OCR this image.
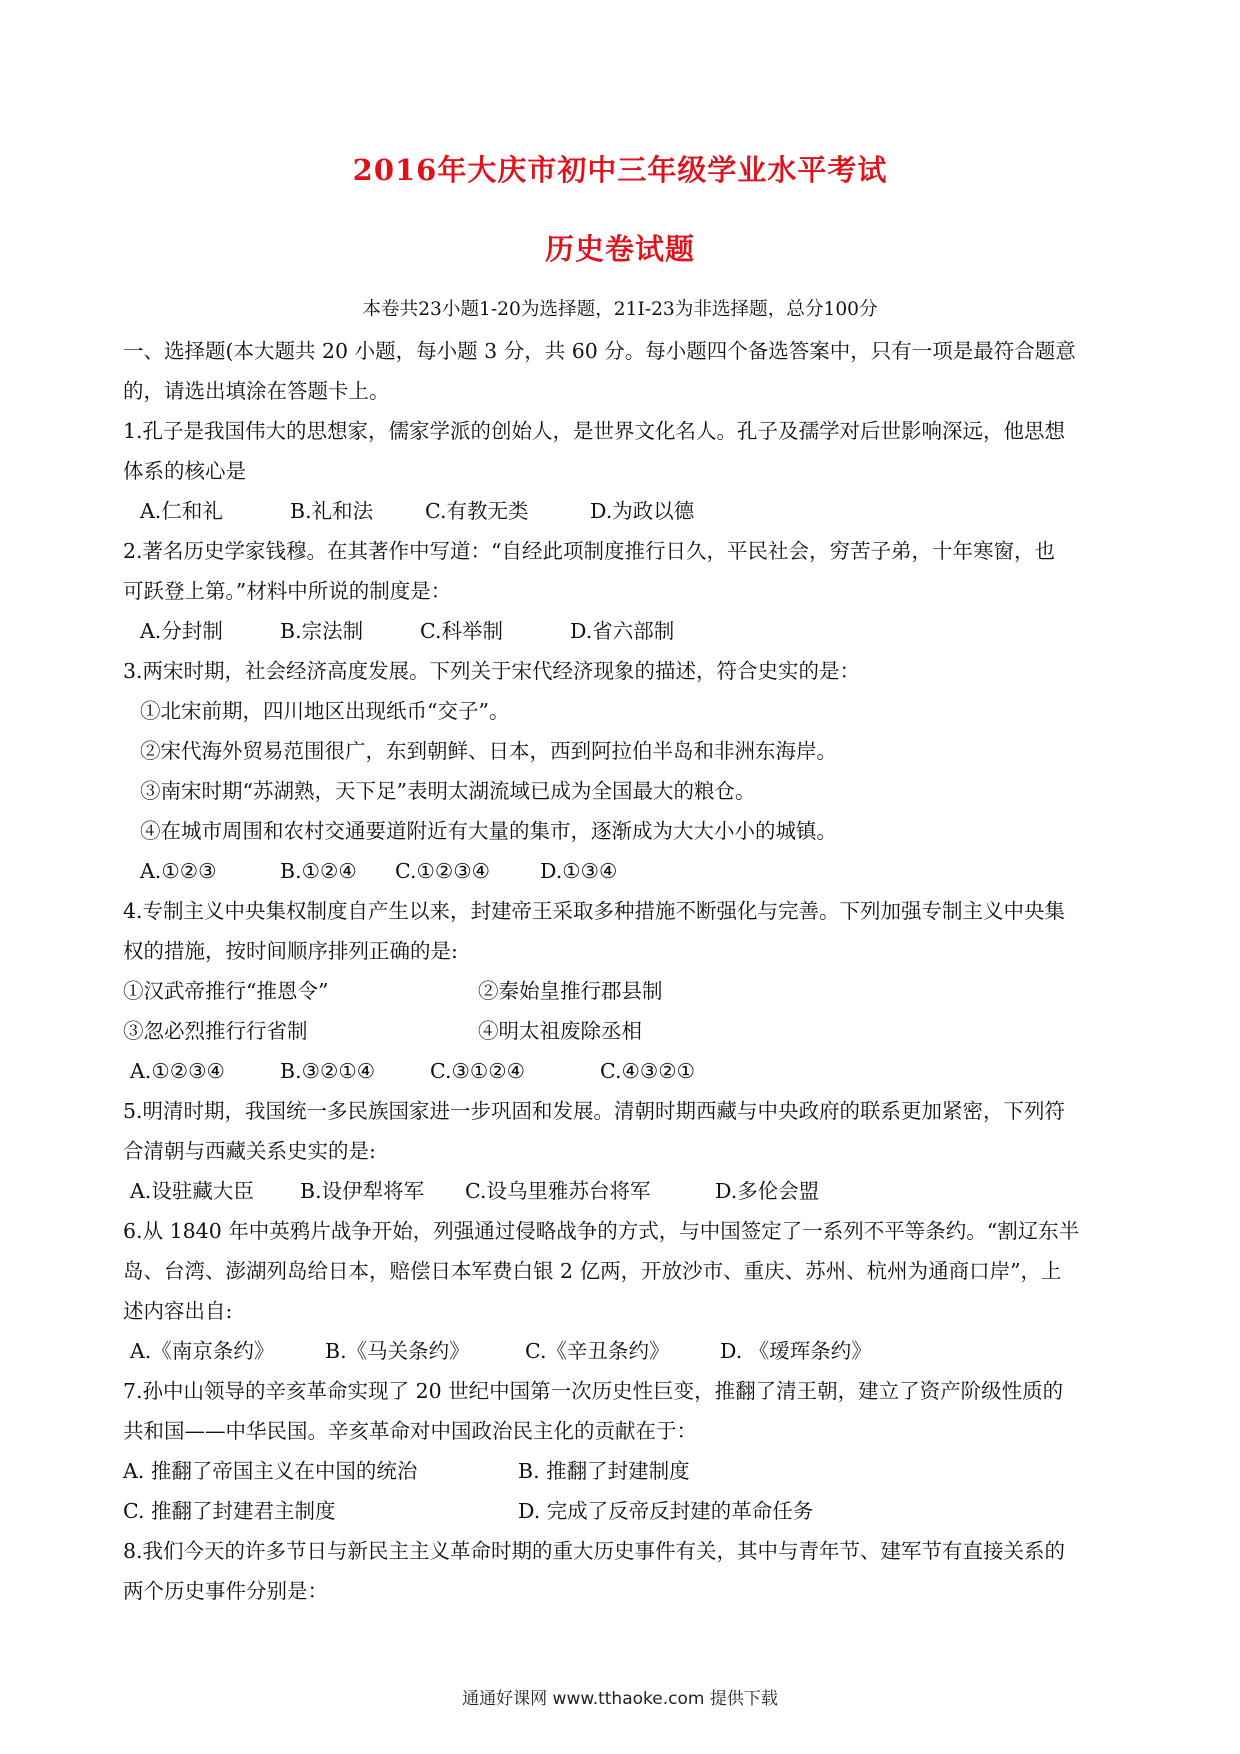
2016年大庆市初中三年级学业水平考试
历史卷试题
本卷共23小题1-20为选择题，21I-23为非选择题，总分100分
一、选择题(本大题共 20 小题，每小题 3 分，共 60 分。每小题四个备选答案中，只有一项是最符合题意
的，请选出填涂在答题卡上。
1.孔子是我国伟大的思想家，儒家学派的创始人，是世界文化名人。孔子及孺学对后世影响深远，他思想
体系的核心是
A.仁和礼	B.礼和法	C.有教无类	D.为政以德
2.著名历史学家钱穆。在其著作中写道：“自经此项制度推行日久，平民社会，穷苦子弟，十年寒窗，也
可跃登上第。”材料中所说的制度是：
A.分封制	B.宗法制	C.科举制	D.省六部制
3.两宋时期，社会经济高度发展。下列关于宋代经济现象的描述，符合史实的是：
①北宋前期，四川地区出现纸币“交子”。
②宋代海外贸易范围很广，东到朝鲜、日本，西到阿拉伯半岛和非洲东海岸。
③南宋时期“苏湖熟，天下足”表明太湖流域已成为全国最大的粮仓。
④在城市周围和农村交通要道附近有大量的集市，逐渐成为大大小小的城镇。
A.①②③	B.①②④ C.①②③④ D.①③④
4.专制主义中央集权制度自产生以来，封建帝王采取多种措施不断强化与完善。下列加强专制主义中央集
权的措施，按时间顺序排列正确的是:
①汉武帝推行“推恩令”	②秦始皇推行郡县制
③忽必烈推行行省制	④明太祖废除丞相
A.①②③④	B.③②①④	C.③①②④	C.④③②①
5.明清时期，我国统一多民族国家进一步巩固和发展。清朝时期西藏与中央政府的联系更加紧密，下列符
合清朝与西藏关系史实的是:
A.设驻藏大臣 B.设伊犁将军 C.设乌里雅苏台将军	D.多伦会盟
6.从 1840 年中英鸦片战争开始，列强通过侵略战争的方式，与中国签定了一系列不平等条约。“割辽东半
岛、台湾、澎湖列岛给日本，赔偿日本军费白银 2 亿两，开放沙市、重庆、苏州、杭州为通商口岸”，上
述内容出自:
A.《南京条约》 B.《马关条约》	C.《辛丑条约》 D. 《瑷珲条约》
7.孙中山领导的辛亥革命实现了 20 世纪中国第一次历史性巨变，推翻了清王朝，建立了资产阶级性质的
共和国——中华民国。辛亥革命对中国政治民主化的贡献在于：
A. 推翻了帝国主义在中国的统治	B. 推翻了封建制度
C. 推翻了封建君主制度	D. 完成了反帝反封建的革命任务
8.我们今天的许多节日与新民主主义革命时期的重大历史事件有关，其中与青年节、建军节有直接关系的
两个历史事件分别是：
通通好课网 www.tthaoke.com 提供下载
